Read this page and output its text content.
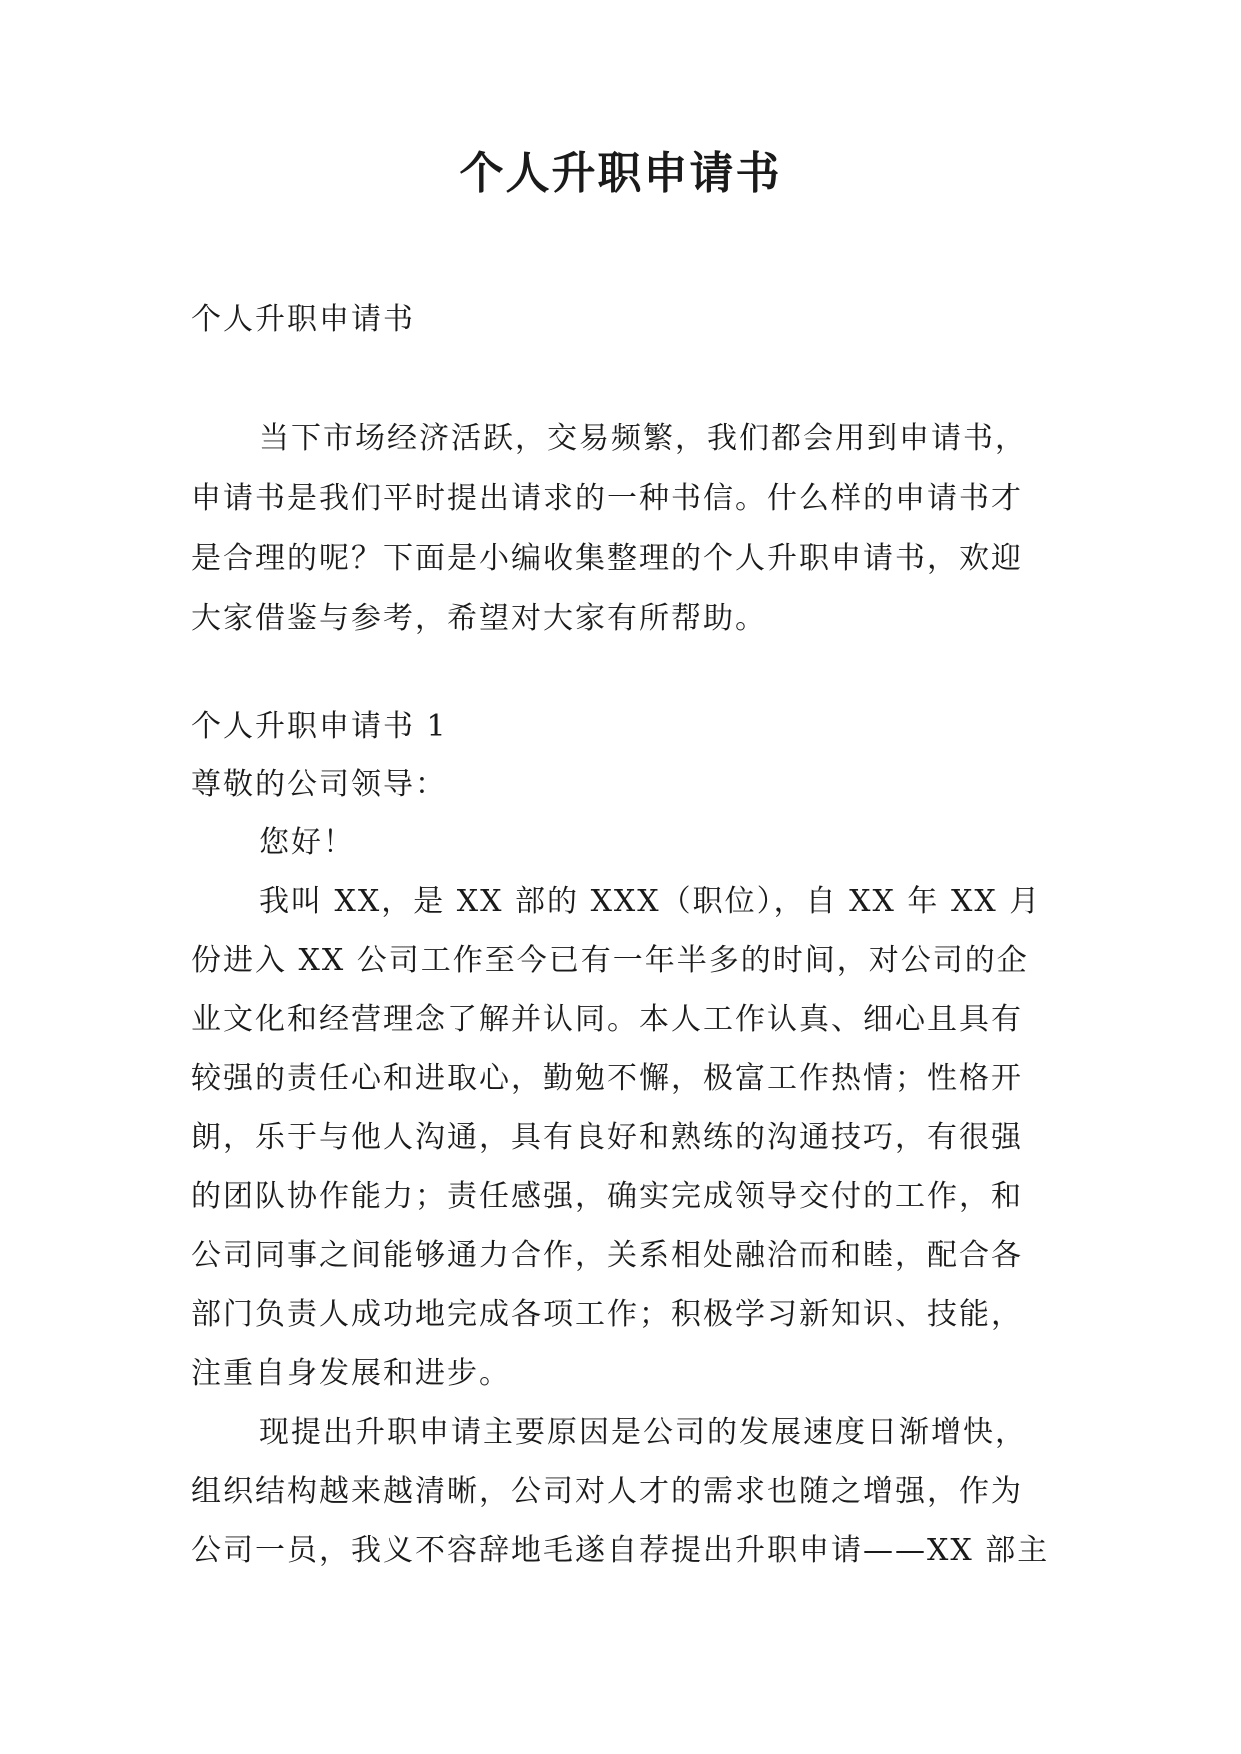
个人升职申请书
个人升职申请书

当下市场经济活跃，交易频繁，我们都会用到申请书，申请书是我们平时提出请求的一种书信。什么样的申请书才是合理的呢？下面是小编收集整理的个人升职申请书，欢迎大家借鉴与参考，希望对大家有所帮助。

个人升职申请书 1
尊敬的公司领导：
您好！

我叫 XX，是 XX 部的 XXX（职位），自 XX 年 XX 月份进入 XX 公司工作至今已有一年半多的时间，对公司的企业文化和经营理念了解并认同。本人工作认真、细心且具有较强的责任心和进取心，勤勉不懈，极富工作热情；性格开朗，乐于与他人沟通，具有良好和熟练的沟通技巧，有很强的团队协作能力；责任感强，确实完成领导交付的工作，和公司同事之间能够通力合作，关系相处融洽而和睦，配合各部门负责人成功地完成各项工作；积极学习新知识、技能，注重自身发展和进步。

现提出升职申请主要原因是公司的发展速度日渐增快，组织结构越来越清晰，公司对人才的需求也随之增强，作为公司一员，我义不容辞地毛遂自荐提出升职申请——XX 部主
